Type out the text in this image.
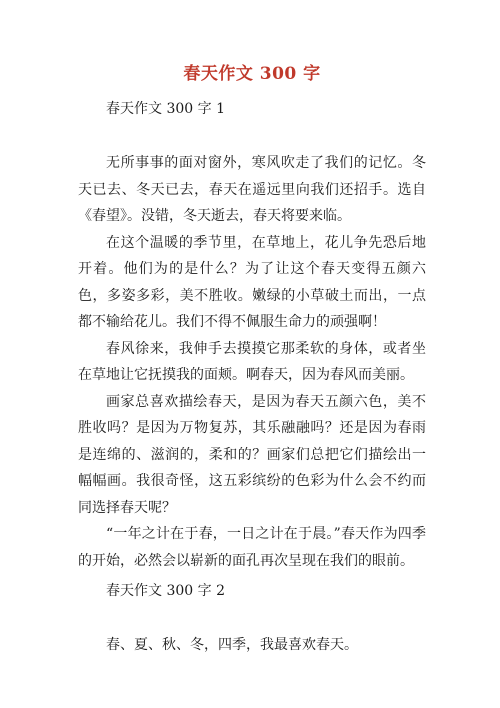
春天作文 300 字

春天作文 300 字 1

无所事事的面对窗外，寒风吹走了我们的记忆。冬天已去、冬天已去，春天在遥远里向我们还招手。选自《春望》。没错，冬天逝去，春天将要来临。

在这个温暖的季节里，在草地上，花儿争先恐后地开着。他们为的是什么？为了让这个春天变得五颜六色，多姿多彩，美不胜收。嫩绿的小草破土而出，一点都不输给花儿。我们不得不佩服生命力的顽强啊！

春风徐来，我伸手去摸摸它那柔软的身体，或者坐在草地让它抚摸我的面颊。啊春天，因为春风而美丽。

画家总喜欢描绘春天，是因为春天五颜六色，美不胜收吗？是因为万物复苏，其乐融融吗？还是因为春雨是连绵的、滋润的，柔和的？画家们总把它们描绘出一幅幅画。我很奇怪，这五彩缤纷的色彩为什么会不约而同选择春天呢？

“一年之计在于春，一日之计在于晨。”春天作为四季的开始，必然会以崭新的面孔再次呈现在我们的眼前。

春天作文 300 字 2

春、夏、秋、冬，四季，我最喜欢春天。
